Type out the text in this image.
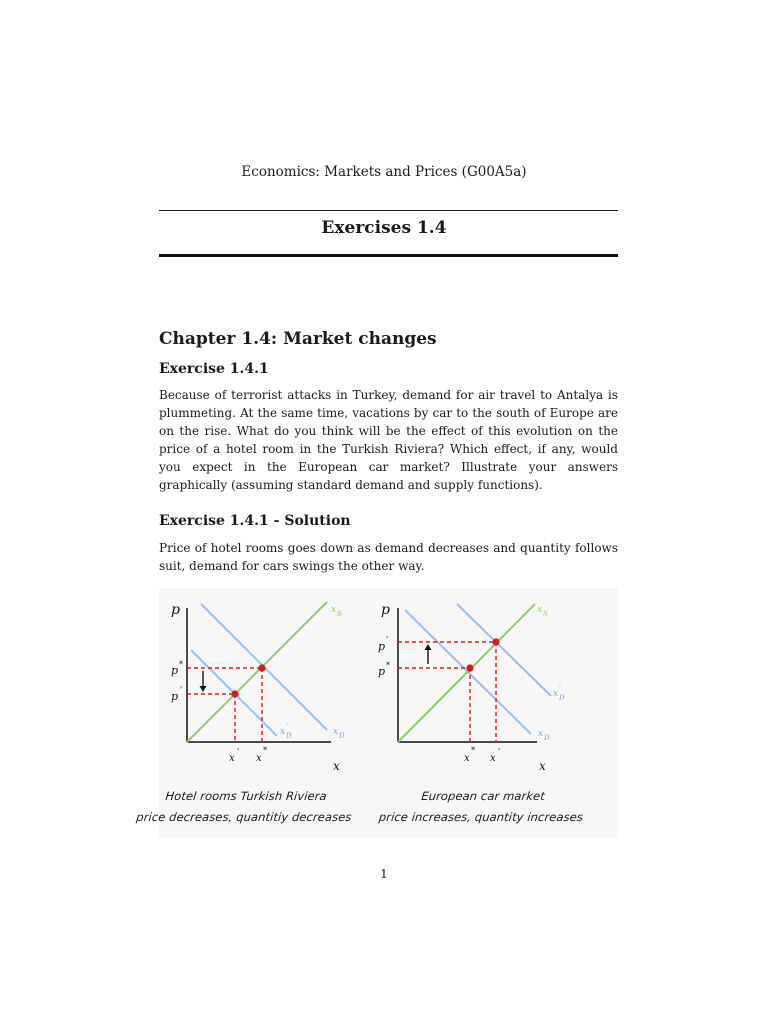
Economics: Markets and Prices (G00A5a)
Exercises 1.4
Chapter 1.4: Market changes
Exercise 1.4.1
Because of terrorist attacks in Turkey, demand for air travel to Antalya is plummeting. At the same time, vacations by car to the south of Europe are on the rise. What do you think will be the effect of this evolution on the price of a hotel room in the Turkish Riviera? Which effect, if any, would you expect in the European car market? Illustrate your answers graphically (assuming standard demand and supply functions).
Exercise 1.4.1 - Solution
Price of hotel rooms goes down as demand decreases and quantity follows suit, demand for cars swings the other way.
p
x
p *
p
'
x
'
x
*
x S
x D
x
'
D
p
x
p
'
p *
x
*
x
'
x S
x D
x
'
D
Hotel rooms Turkish Riviera
price decreases, quantitiy decreases
European car market
price increases, quantity increases
1
